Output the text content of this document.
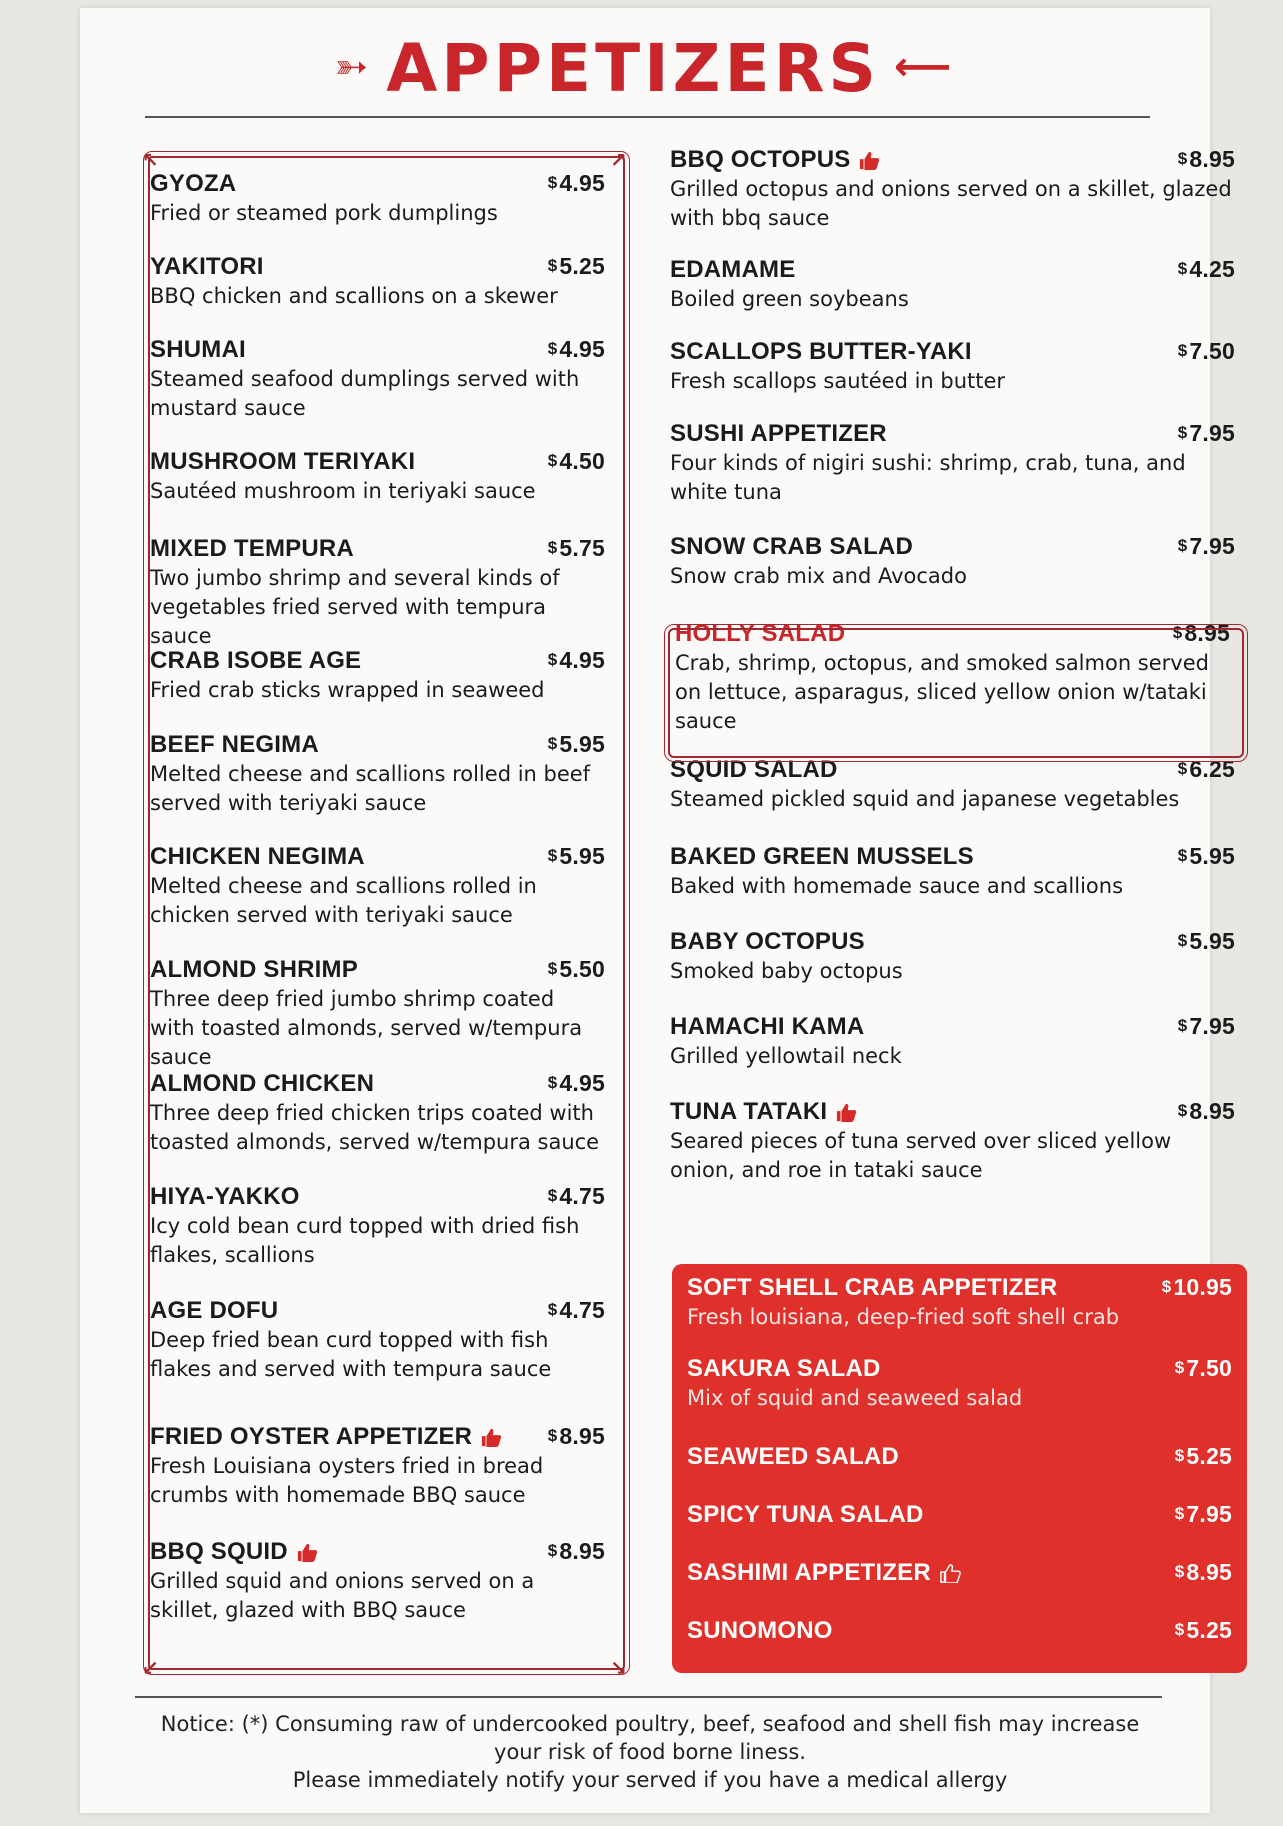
➳ APPETIZERS ⟵
↖	↗
↙	↘
GYOZA	$4.95
Fried or steamed pork dumplings
YAKITORI	$5.25
BBQ chicken and scallions on a skewer
SHUMAI	$4.95
Steamed seafood dumplings served with mustard sauce
MUSHROOM TERIYAKI	$4.50
Sautéed mushroom in teriyaki sauce
MIXED TEMPURA	$5.75
Two jumbo shrimp and several kinds of vegetables fried served with tempura sauce
CRAB ISOBE AGE	$4.95
Fried crab sticks wrapped in seaweed
BEEF NEGIMA	$5.95
Melted cheese and scallions rolled in beef served with teriyaki sauce
CHICKEN NEGIMA	$5.95
Melted cheese and scallions rolled in chicken served with teriyaki sauce
ALMOND SHRIMP	$5.50
Three deep fried jumbo shrimp coated with toasted almonds, served w/tempura sauce
ALMOND CHICKEN	$4.95
Three deep fried chicken trips coated with toasted almonds, served w/tempura sauce
HIYA-YAKKO	$4.75
Icy cold bean curd topped with dried fish flakes, scallions
AGE DOFU	$4.75
Deep fried bean curd topped with fish flakes and served with tempura sauce
FRIED OYSTER APPETIZER	$8.95
Fresh Louisiana oysters fried in bread crumbs with homemade BBQ sauce
BBQ SQUID	$8.95
Grilled squid and onions served on a skillet, glazed with BBQ sauce
BBQ OCTOPUS	$8.95
Grilled octopus and onions served on a skillet, glazed with bbq sauce
EDAMAME	$4.25
Boiled green soybeans
SCALLOPS BUTTER-YAKI	$7.50
Fresh scallops sautéed in butter
SUSHI APPETIZER	$7.95
Four kinds of nigiri sushi: shrimp, crab, tuna, and white tuna
SNOW CRAB SALAD	$7.95
Snow crab mix and Avocado
HOLLY SALAD	$8.95
Crab, shrimp, octopus, and smoked salmon served on lettuce, asparagus, sliced yellow onion w/tataki sauce
SQUID SALAD	$6.25
Steamed pickled squid and japanese vegetables
BAKED GREEN MUSSELS	$5.95
Baked with homemade sauce and scallions
BABY OCTOPUS	$5.95
Smoked baby octopus
HAMACHI KAMA	$7.95
Grilled yellowtail neck
TUNA TATAKI	$8.95
Seared pieces of tuna served over sliced yellow onion, and roe in tataki sauce
SOFT SHELL CRAB APPETIZER	$10.95
Fresh louisiana, deep-fried soft shell crab
SAKURA SALAD	$7.50
Mix of squid and seaweed salad
SEAWEED SALAD	$5.25
SPICY TUNA SALAD	$7.95
SASHIMI APPETIZER	$8.95
SUNOMONO	$5.25
Notice: (*) Consuming raw of undercooked poultry, beef, seafood and shell fish may increase your risk of food borne liness.
Please immediately notify your served if you have a medical allergy
